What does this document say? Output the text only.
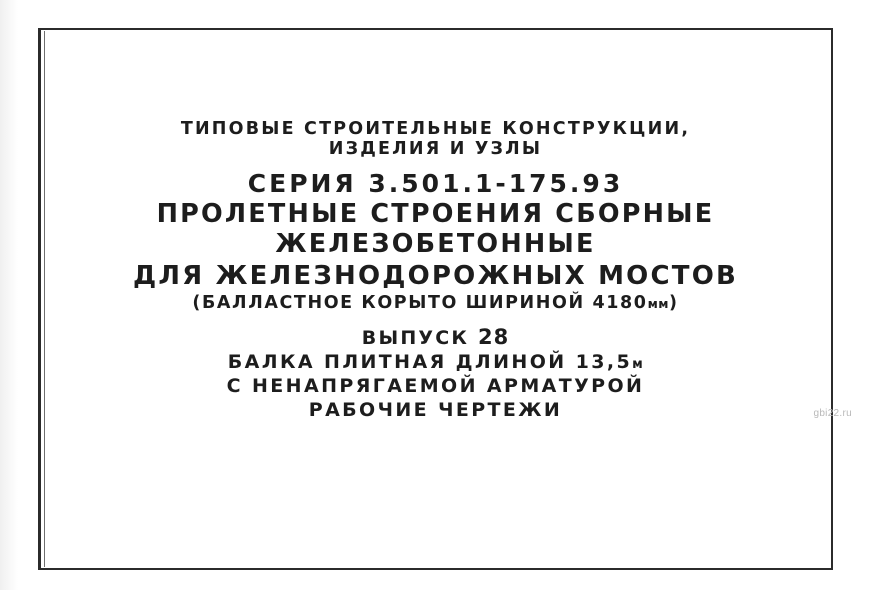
ТИПОВЫЕ СТРОИТЕЛЬНЫЕ КОНСТРУКЦИИ,
ИЗДЕЛИЯ И УЗЛЫ
СЕРИЯ 3.501.1-175.93
ПРОЛЕТНЫЕ СТРОЕНИЯ СБОРНЫЕ
ЖЕЛЕЗОБЕТОННЫЕ
ДЛЯ ЖЕЛЕЗНОДОРОЖНЫХ МОСТОВ
(БАЛЛАСТНОЕ КОРЫТО ШИРИНОЙ 4180мм)
ВЫПУСК 28
БАЛКА ПЛИТНАЯ ДЛИНОЙ 13,5м
С НЕНАПРЯГАЕМОЙ АРМАТУРОЙ
РАБОЧИЕ ЧЕРТЕЖИ	gbi22.ru
